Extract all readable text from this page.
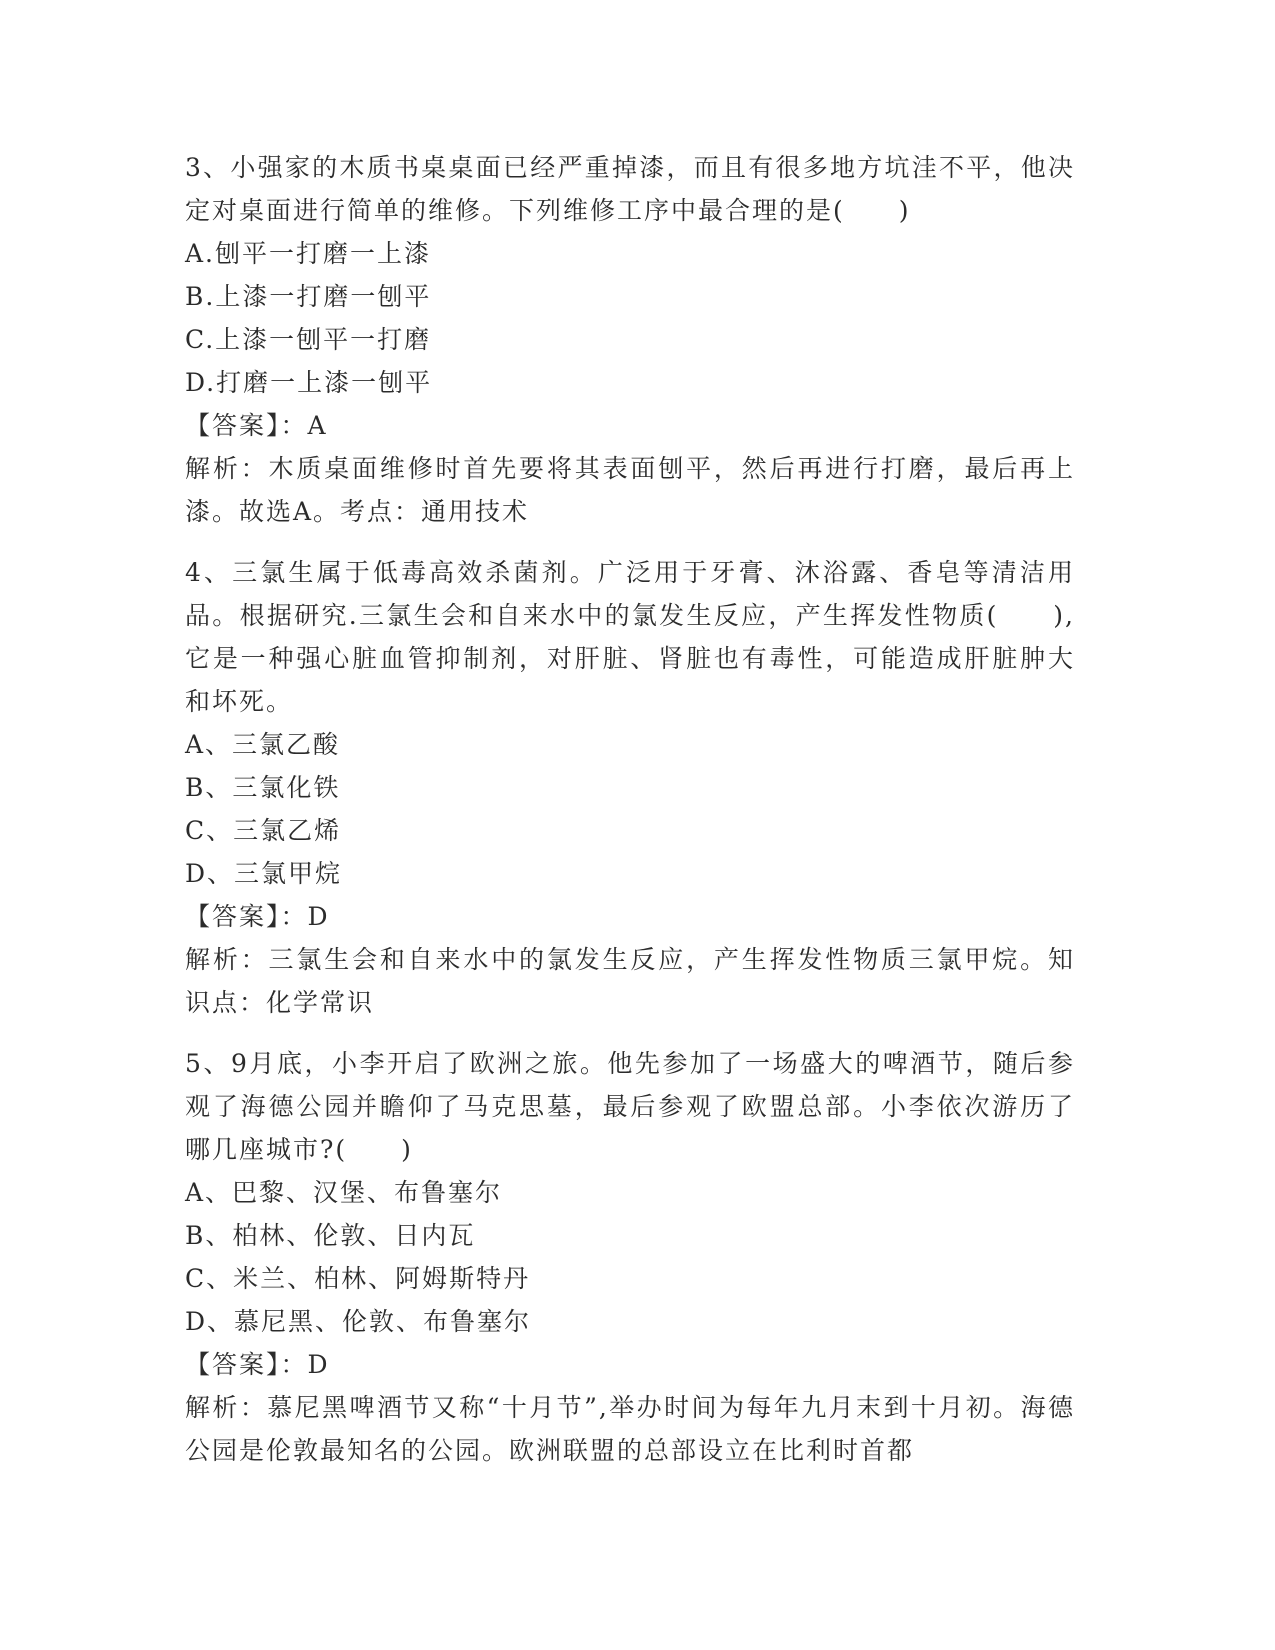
3、小强家的木质书桌桌面已经严重掉漆，而且有很多地方坑洼不平，他决定对桌面进行简单的维修。下列维修工序中最合理的是(　　)
A.刨平一打磨一上漆
B.上漆一打磨一刨平
C.上漆一刨平一打磨
D.打磨一上漆一刨平
【答案】：A
解析：木质桌面维修时首先要将其表面刨平，然后再进行打磨，最后再上漆。故选A。考点：通用技术
4、三氯生属于低毒高效杀菌剂。广泛用于牙膏、沐浴露、香皂等清洁用品。根据研究.三氯生会和自来水中的氯发生反应，产生挥发性物质(　　),它是一种强心脏血管抑制剂，对肝脏、肾脏也有毒性，可能造成肝脏肿大和坏死。
A、三氯乙酸
B、三氯化铁
C、三氯乙烯
D、三氯甲烷
【答案】：D
解析：三氯生会和自来水中的氯发生反应，产生挥发性物质三氯甲烷。知识点：化学常识
5、9月底，小李开启了欧洲之旅。他先参加了一场盛大的啤酒节，随后参观了海德公园并瞻仰了马克思墓，最后参观了欧盟总部。小李依次游历了哪几座城市?(　　)
A、巴黎、汉堡、布鲁塞尔
B、柏林、伦敦、日内瓦
C、米兰、柏林、阿姆斯特丹
D、慕尼黑、伦敦、布鲁塞尔
【答案】：D
解析：慕尼黑啤酒节又称“十月节”,举办时间为每年九月末到十月初。海德公园是伦敦最知名的公园。欧洲联盟的总部设立在比利时首都
